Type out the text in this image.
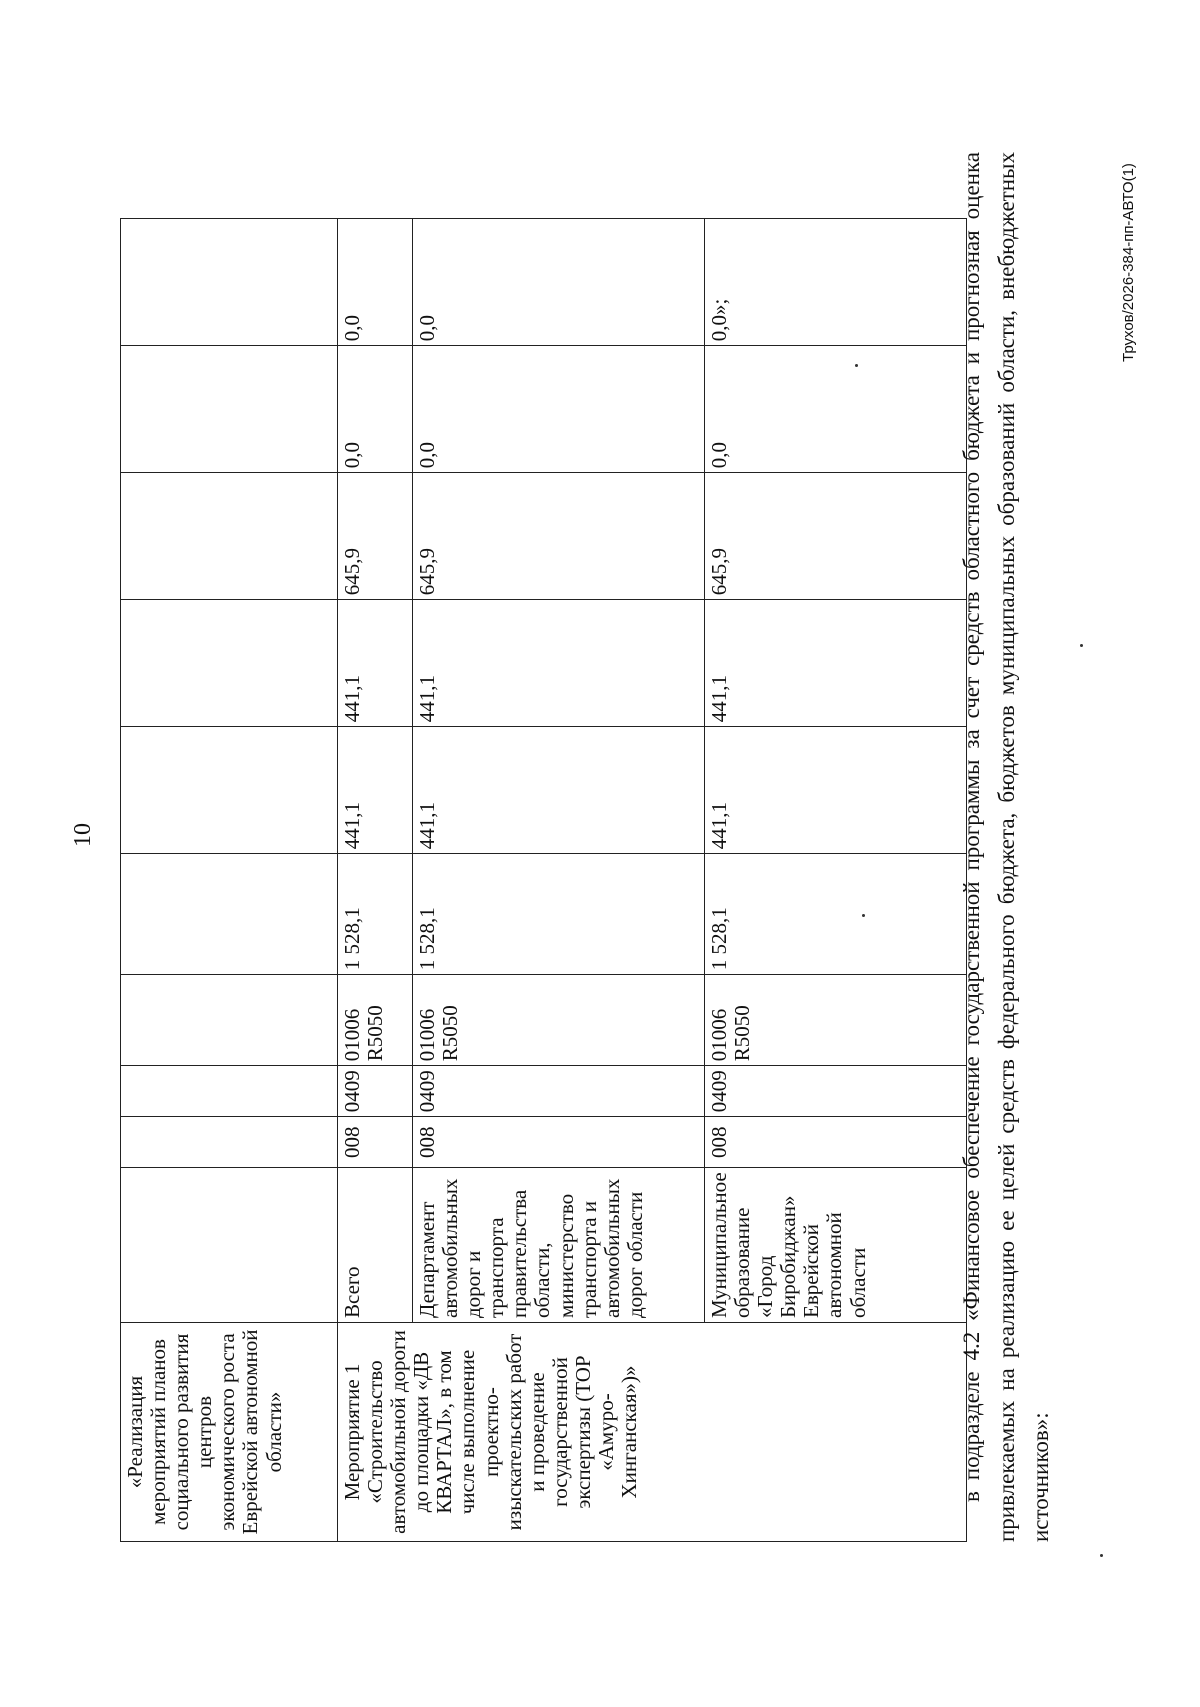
10
«Реализация мероприятий планов социального развития центров экономического роста Еврейской автономной области»										
Мероприятие 1 «Строительство автомобильной дороги до площадки «ДВ КВАРТАЛ», в том числе выполнение проектно-изыскательских работ и проведение государственной экспертизы (ТОР «Амуро-Хинганская»)»	Всего	008	0409	01006 R5050	1 528,1	441,1	441,1	645,9	0,0	0,0
	Департамент автомобильных дорог и транспорта правительства области, министерство транспорта и автомобильных дорог области	008	0409	01006 R5050	1 528,1	441,1	441,1	645,9	0,0	0,0
	Муниципальное образование «Город Биробиджан» Еврейской автономной области	008	0409	01006 R5050	1 528,1	441,1	441,1	645,9	0,0	0,0»;	в подразделе 4.2 «Финансовое обеспечение государственной программы за счет средств областного бюджета и прогнозная оценка привлекаемых на реализацию ее целей средств федерального бюджета, бюджетов муниципальных образований области, внебюджетных источников»:
Трухов/2026-384-пп-АВТО(1)
